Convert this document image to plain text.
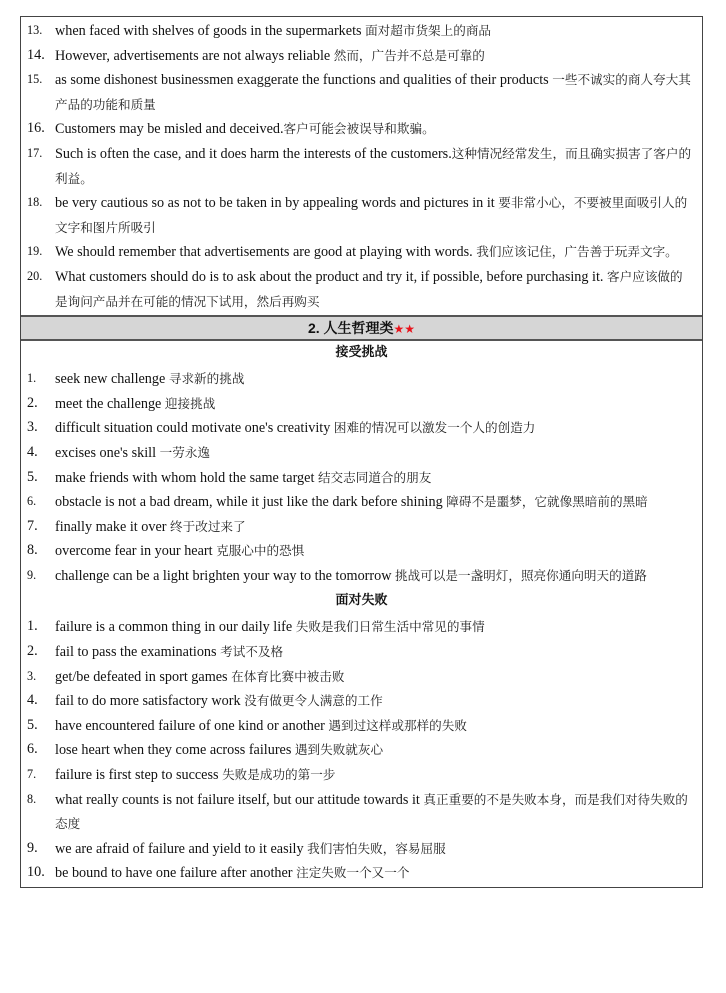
13. when faced with shelves of goods in the supermarkets 面对超市货架上的商品
14. However, advertisements are not always reliable 然而，广告并不总是可靠的
15. as some dishonest businessmen exaggerate the functions and qualities of their products 一些不诚实的商人夸大其产品的功能和质量
16. Customers may be misled and deceived.客户可能会被误导和欺骗。
17. Such is often the case, and it does harm the interests of the customers.这种情况经常发生，而且确实损害了客户的利益。
18. be very cautious so as not to be taken in by appealing words and pictures in it 要非常小心，不要被里面吸引人的文字和图片所吸引
19. We should remember that advertisements are good at playing with words. 我们应该记住，广告善于玩弄文字。
20. What customers should do is to ask about the product and try it, if possible, before purchasing it. 客户应该做的是询问产品并在可能的情况下试用，然后再购买
2. 人生哲理类★★
接受挑战
1.	seek new challenge 寻求新的挑战
2.	meet the challenge 迎接挑战
3.	difficult situation could motivate one's creativity 困难的情况可以激发一个人的创造力
4.	excises one's skill 一劳永逸
5.	make friends with whom hold the same target 结交志同道合的朋友
6.	obstacle is not a bad dream, while it just like the dark before shining 障碍不是噩梦，它就像黑暗前的黑暗
7.	finally make it over 终于改过来了
8.	overcome fear in your heart 克服心中的恐惧
9.	challenge can be a light brighten your way to the tomorrow 挑战可以是一盏明灯，照亮你通向明天的道路
面对失败
1.	failure is a common thing in our daily life 失败是我们日常生活中常见的事情
2.	fail to pass the examinations 考试不及格
3.	get/be defeated in sport games 在体育比赛中被击败
4.	fail to do more satisfactory work 没有做更令人满意的工作
5.	have encountered failure of one kind or another 遇到过这样或那样的失败
6.	lose heart when they come across failures 遇到失败就灰心
7.	failure is first step to success 失败是成功的第一步
8.	what really counts is not failure itself, but our attitude towards it 真正重要的不是失败本身，而是我们对待失败的态度
9.	we are afraid of failure and yield to it easily 我们害怕失败，容易屈服
10. be bound to have one failure after another 注定失败一个又一个
